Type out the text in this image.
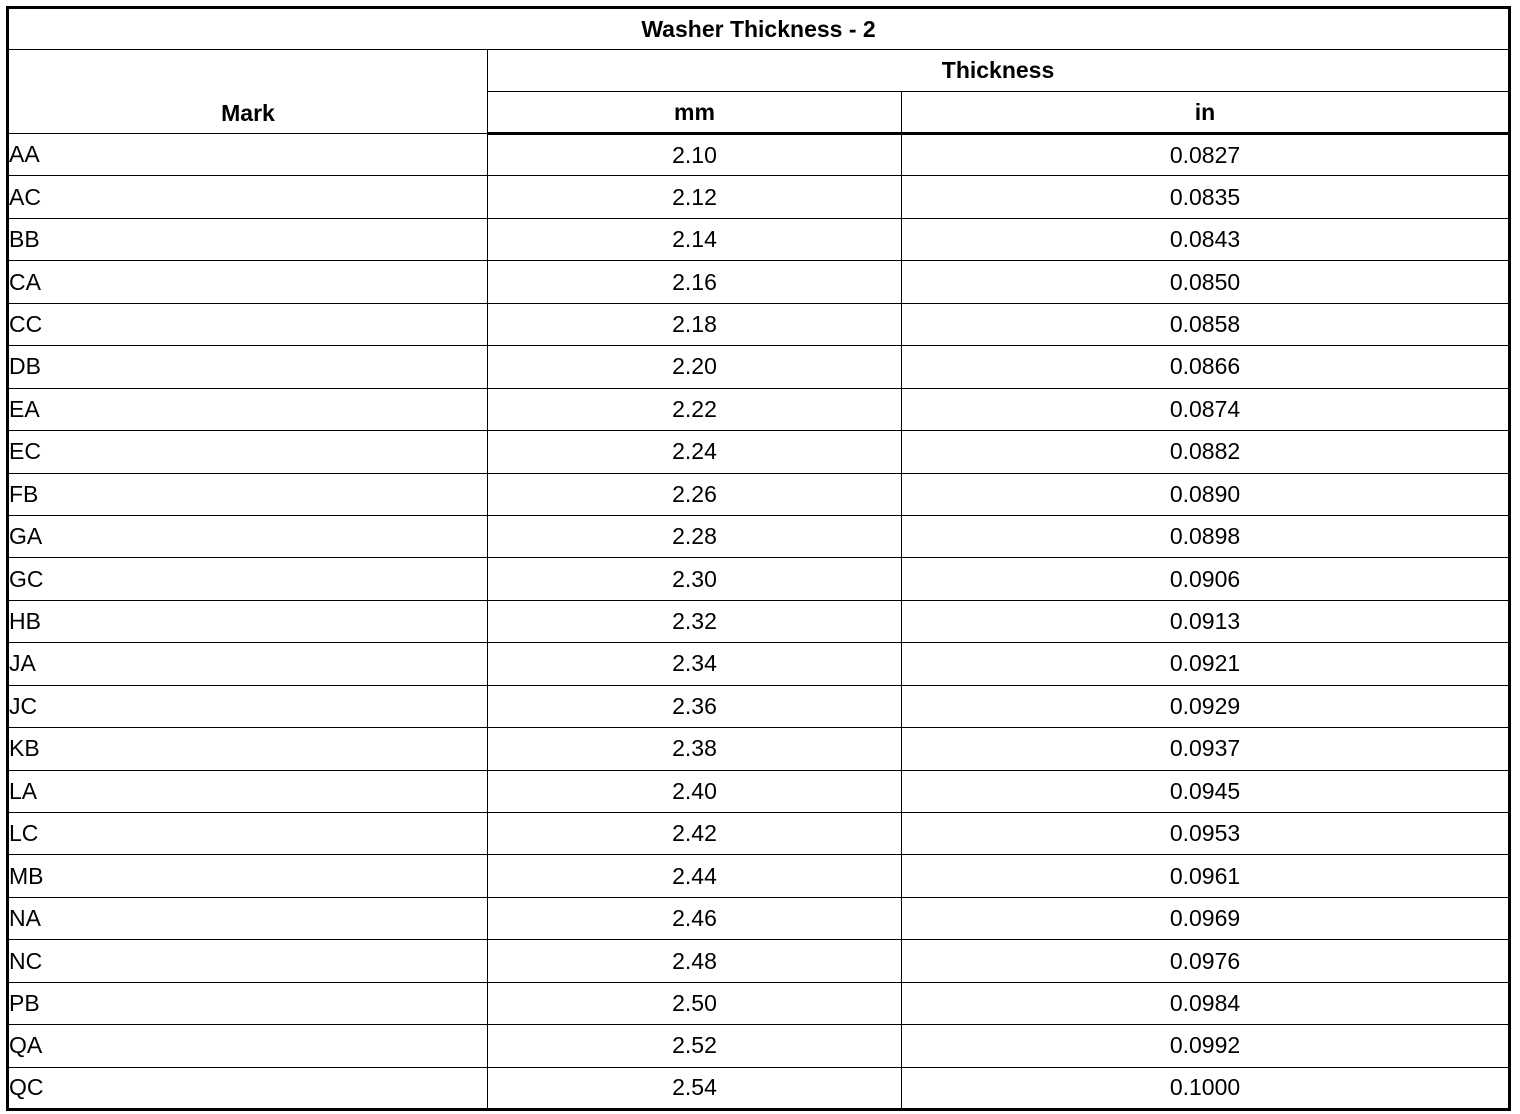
Washer Thickness - 2		
Mark	Thickness	
	mm	in
AA	2.10	0.0827
AC	2.12	0.0835
BB	2.14	0.0843
CA	2.16	0.0850
CC	2.18	0.0858
DB	2.20	0.0866
EA	2.22	0.0874
EC	2.24	0.0882
FB	2.26	0.0890
GA	2.28	0.0898
GC	2.30	0.0906
HB	2.32	0.0913
JA	2.34	0.0921
JC	2.36	0.0929
KB	2.38	0.0937
LA	2.40	0.0945
LC	2.42	0.0953
MB	2.44	0.0961
NA	2.46	0.0969
NC	2.48	0.0976
PB	2.50	0.0984
QA	2.52	0.0992
QC	2.54	0.1000
